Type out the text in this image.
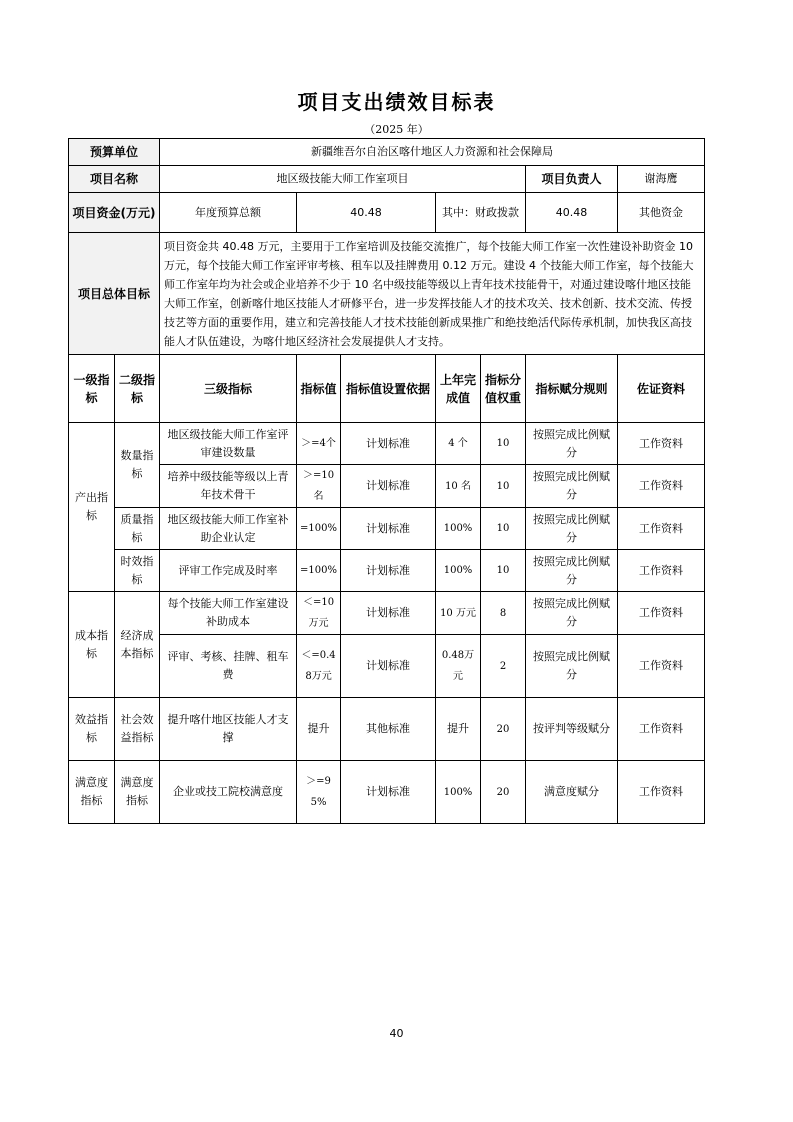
项目支出绩效目标表
（2025 年）
预算单位		新疆维吾尔自治区喀什地区人力资源和社会保障局						
项目名称		地区级技能大师工作室项目					项目负责人	谢海鹰
项目资金(万元)		年度预算总额	40.48		其中：财政拨款		40.48	其他资金
项目总体目标		项目资金共 40.48 万元，主要用于工作室培训及技能交流推广，每个技能大师工作室一次性建设补助资金 10 万元，每个技能大师工作室评审考核、租车以及挂牌费用 0.12 万元。建设 4 个技能大师工作室，每个技能大师工作室年均为社会或企业培养不少于 10 名中级技能等级以上青年技术技能骨干，对通过建设喀什地区技能大师工作室，创新喀什地区技能人才研修平台，进一步发挥技能人才的技术攻关、技术创新、技术交流、传授技艺等方面的重要作用，建立和完善技能人才技术技能创新成果推广和绝技绝活代际传承机制，加快我区高技能人才队伍建设，为喀什地区经济社会发展提供人才支持。						
一级指标	二级指标	三级指标	指标值	指标值设置依据	上年完成值	指标分值权重	指标赋分规则	佐证资料
产出指标	数量指标	地区级技能大师工作室评审建设数量	＞=4个	计划标准	4 个	10	按照完成比例赋分	工作资料
		培养中级技能等级以上青年技术骨干	＞=10名	计划标准	10 名	10	按照完成比例赋分	工作资料
	质量指标	地区级技能大师工作室补助企业认定	=100%	计划标准	100%	10	按照完成比例赋分	工作资料
	时效指标	评审工作完成及时率	=100%	计划标准	100%	10	按照完成比例赋分	工作资料
成本指标	经济成本指标	每个技能大师工作室建设补助成本	＜=10万元	计划标准	10 万元	8	按照完成比例赋分	工作资料
		评审、考核、挂牌、租车费	＜=0.48万元	计划标准	0.48万元	2	按照完成比例赋分	工作资料
效益指标	社会效益指标	提升喀什地区技能人才支撑	提升	其他标准	提升	20	按评判等级赋分	工作资料
满意度指标	满意度指标	企业或技工院校满意度	＞=95%	计划标准	100%	20	满意度赋分	工作资料
40
